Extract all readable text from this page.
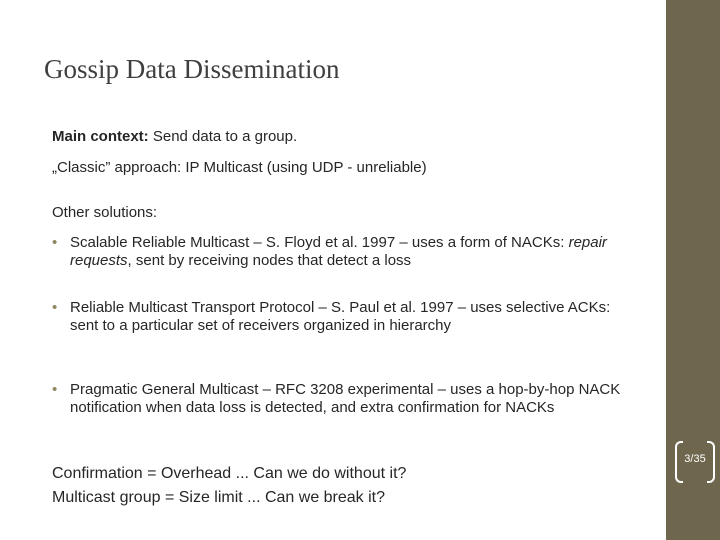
Gossip Data Dissemination
Main context: Send data to a group.
„Classic” approach: IP Multicast (using UDP - unreliable)
Other solutions:
• Scalable Reliable Multicast – S. Floyd et al. 1997 – uses a form of NACKs: repair requests, sent by receiving nodes that detect a loss
• Reliable Multicast Transport Protocol – S. Paul et al. 1997 – uses selective ACKs: sent to a particular set of receivers organized in hierarchy
• Pragmatic General Multicast – RFC 3208 experimental – uses a hop-by-hop NACK notification when data loss is detected, and extra confirmation for NACKs
Confirmation = Overhead ... Can we do without it?
Multicast group = Size limit ... Can we break it?
3/35
